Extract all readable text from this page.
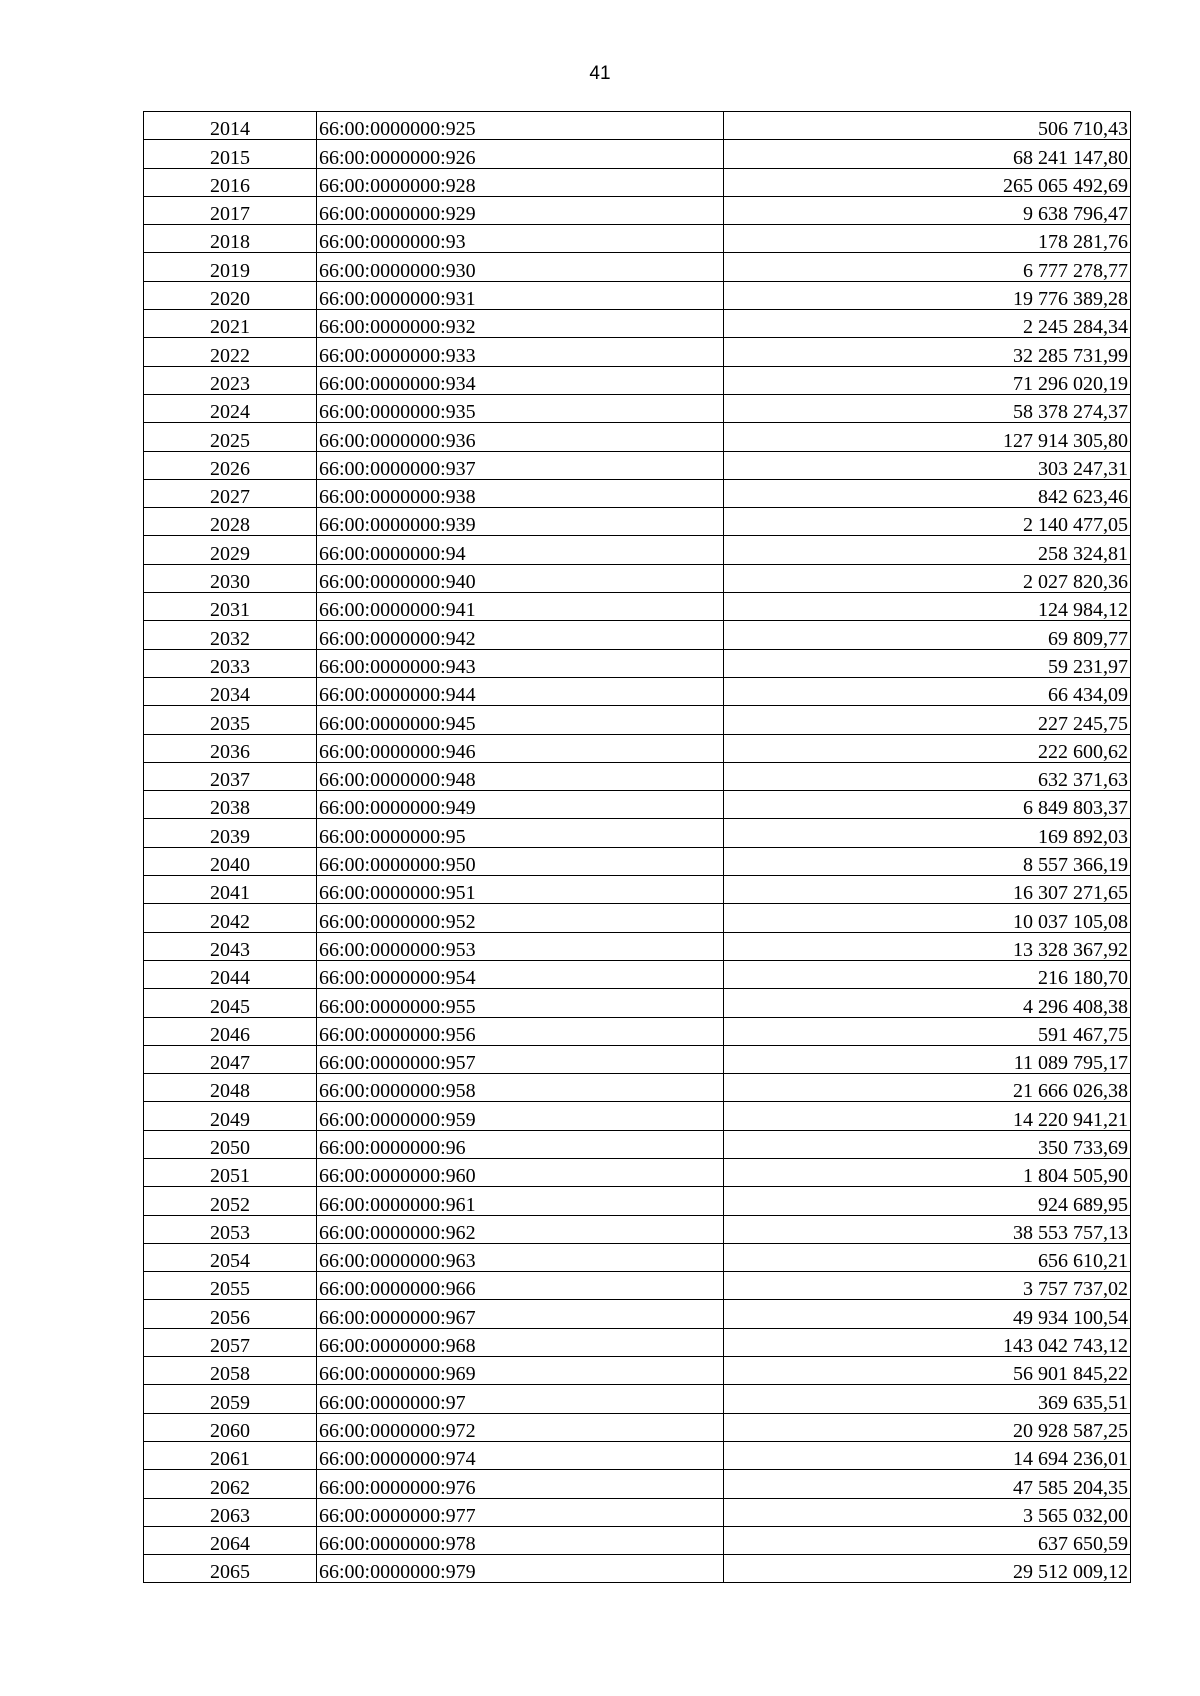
41
2014	66:00:0000000:925	506 710,43
2015	66:00:0000000:926	68 241 147,80
2016	66:00:0000000:928	265 065 492,69
2017	66:00:0000000:929	9 638 796,47
2018	66:00:0000000:93	178 281,76
2019	66:00:0000000:930	6 777 278,77
2020	66:00:0000000:931	19 776 389,28
2021	66:00:0000000:932	2 245 284,34
2022	66:00:0000000:933	32 285 731,99
2023	66:00:0000000:934	71 296 020,19
2024	66:00:0000000:935	58 378 274,37
2025	66:00:0000000:936	127 914 305,80
2026	66:00:0000000:937	303 247,31
2027	66:00:0000000:938	842 623,46
2028	66:00:0000000:939	2 140 477,05
2029	66:00:0000000:94	258 324,81
2030	66:00:0000000:940	2 027 820,36
2031	66:00:0000000:941	124 984,12
2032	66:00:0000000:942	69 809,77
2033	66:00:0000000:943	59 231,97
2034	66:00:0000000:944	66 434,09
2035	66:00:0000000:945	227 245,75
2036	66:00:0000000:946	222 600,62
2037	66:00:0000000:948	632 371,63
2038	66:00:0000000:949	6 849 803,37
2039	66:00:0000000:95	169 892,03
2040	66:00:0000000:950	8 557 366,19
2041	66:00:0000000:951	16 307 271,65
2042	66:00:0000000:952	10 037 105,08
2043	66:00:0000000:953	13 328 367,92
2044	66:00:0000000:954	216 180,70
2045	66:00:0000000:955	4 296 408,38
2046	66:00:0000000:956	591 467,75
2047	66:00:0000000:957	11 089 795,17
2048	66:00:0000000:958	21 666 026,38
2049	66:00:0000000:959	14 220 941,21
2050	66:00:0000000:96	350 733,69
2051	66:00:0000000:960	1 804 505,90
2052	66:00:0000000:961	924 689,95
2053	66:00:0000000:962	38 553 757,13
2054	66:00:0000000:963	656 610,21
2055	66:00:0000000:966	3 757 737,02
2056	66:00:0000000:967	49 934 100,54
2057	66:00:0000000:968	143 042 743,12
2058	66:00:0000000:969	56 901 845,22
2059	66:00:0000000:97	369 635,51
2060	66:00:0000000:972	20 928 587,25
2061	66:00:0000000:974	14 694 236,01
2062	66:00:0000000:976	47 585 204,35
2063	66:00:0000000:977	3 565 032,00
2064	66:00:0000000:978	637 650,59
2065	66:00:0000000:979	29 512 009,12
